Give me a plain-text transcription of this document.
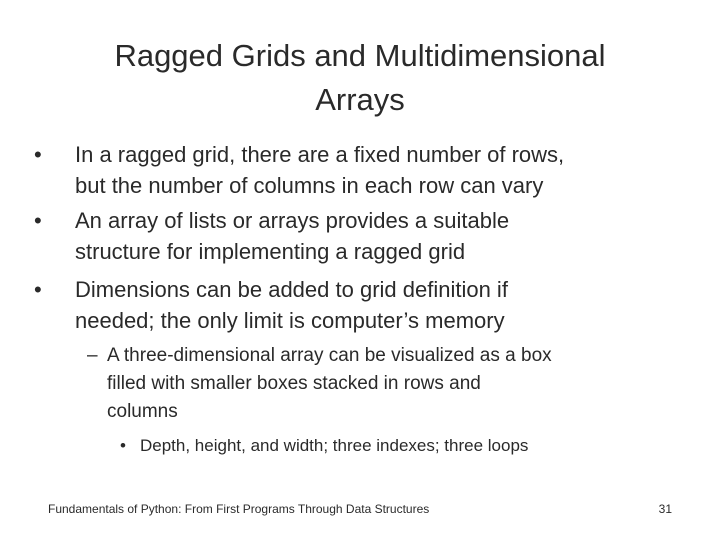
Ragged Grids and Multidimensional
Arrays
•	In a ragged grid, there are a fixed number of rows,
but the number of columns in each row can vary
•	An array of lists or arrays provides a suitable
structure for implementing a ragged grid
•	Dimensions can be added to grid definition if
needed; the only limit is computer’s memory
– A three-dimensional array can be visualized as a box
filled with smaller boxes stacked in rows and
columns
• Depth, height, and width; three indexes; three loops
Fundamentals of Python: From First Programs Through Data Structures	31
